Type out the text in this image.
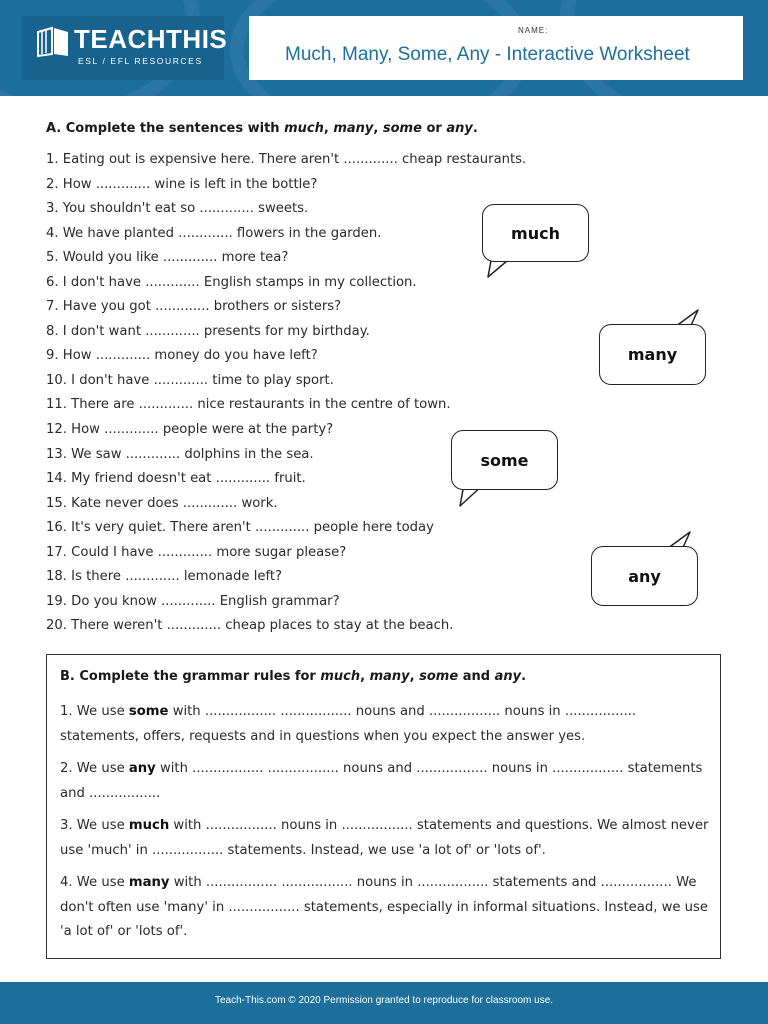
TEACHTHIS
ESL / EFL RESOURCES
NAME:
Much, Many, Some, Any - Interactive Worksheet
A. Complete the sentences with much, many, some or any.
1. Eating out is expensive here. There aren't ............. cheap restaurants.
2. How ............. wine is left in the bottle?
3. You shouldn't eat so ............. sweets.
4. We have planted ............. flowers in the garden.
5. Would you like ............. more tea?
6. I don't have ............. English stamps in my collection.
7. Have you got ............. brothers or sisters?
8. I don't want ............. presents for my birthday.
9. How ............. money do you have left?
10. I don't have ............. time to play sport.
11. There are ............. nice restaurants in the centre of town.
12. How ............. people were at the party?
13. We saw ............. dolphins in the sea.
14. My friend doesn't eat ............. fruit.
15. Kate never does ............. work.
16. It's very quiet. There aren't ............. people here today
17. Could I have ............. more sugar please?
18. Is there ............. lemonade left?
19. Do you know ............. English grammar?
20. There weren't ............. cheap places to stay at the beach.
much
many
some
any
B. Complete the grammar rules for much, many, some and any.
1. We use some with ................. ................. nouns and ................. nouns in ................. statements, offers, requests and in questions when you expect the answer yes.
2. We use any with ................. ................. nouns and ................. nouns in ................. statements and .................
3. We use much with ................. nouns in ................. statements and questions. We almost never use 'much' in ................. statements. Instead, we use 'a lot of' or 'lots of'.
4. We use many with ................. ................. nouns in ................. statements and ................. We don't often use 'many' in ................. statements, especially in informal situations. Instead, we use 'a lot of' or 'lots of'.
Teach-This.com © 2020 Permission granted to reproduce for classroom use.
